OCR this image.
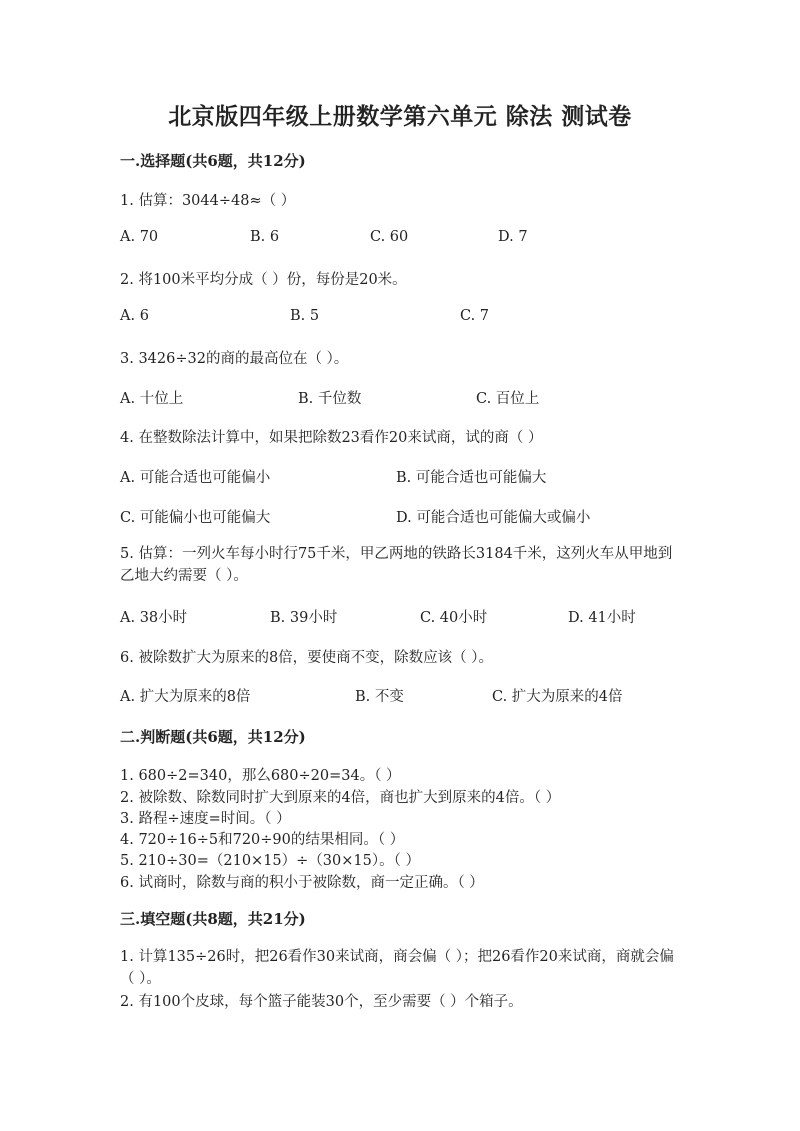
北京版四年级上册数学第六单元 除法 测试卷
一.选择题(共6题，共12分)
1. 估算：3044÷48≈（ ）
A. 70	B. 6	C. 60	D. 7
2. 将100米平均分成（ ）份，每份是20米。
A. 6	B. 5	C. 7
3. 3426÷32的商的最高位在（ ）。
A. 十位上	B. 千位数	C. 百位上
4. 在整数除法计算中，如果把除数23看作20来试商，试的商（ ）
A. 可能合适也可能偏小	B. 可能合适也可能偏大
C. 可能偏小也可能偏大	D. 可能合适也可能偏大或偏小
5. 估算：一列火车每小时行75千米，甲乙两地的铁路长3184千米，这列火车从甲地到乙地大约需要（ ）。
A. 38小时	B. 39小时	C. 40小时	D. 41小时
6. 被除数扩大为原来的8倍，要使商不变，除数应该（ ）。
A. 扩大为原来的8倍	B. 不变	C. 扩大为原来的4倍
二.判断题(共6题，共12分)
1. 680÷2=340，那么680÷20=34。（ ）
2. 被除数、除数同时扩大到原来的4倍，商也扩大到原来的4倍。（ ）
3. 路程÷速度=时间。（ ）
4. 720÷16÷5和720÷90的结果相同。（ ）
5. 210÷30=（210×15）÷（30×15）。（ ）
6. 试商时，除数与商的积小于被除数，商一定正确。（ ）
三.填空题(共8题，共21分)
1. 计算135÷26时，把26看作30来试商，商会偏（ ）；把26看作20来试商，商就会偏（ ）。
2. 有100个皮球，每个篮子能装30个，至少需要（ ）个箱子。
